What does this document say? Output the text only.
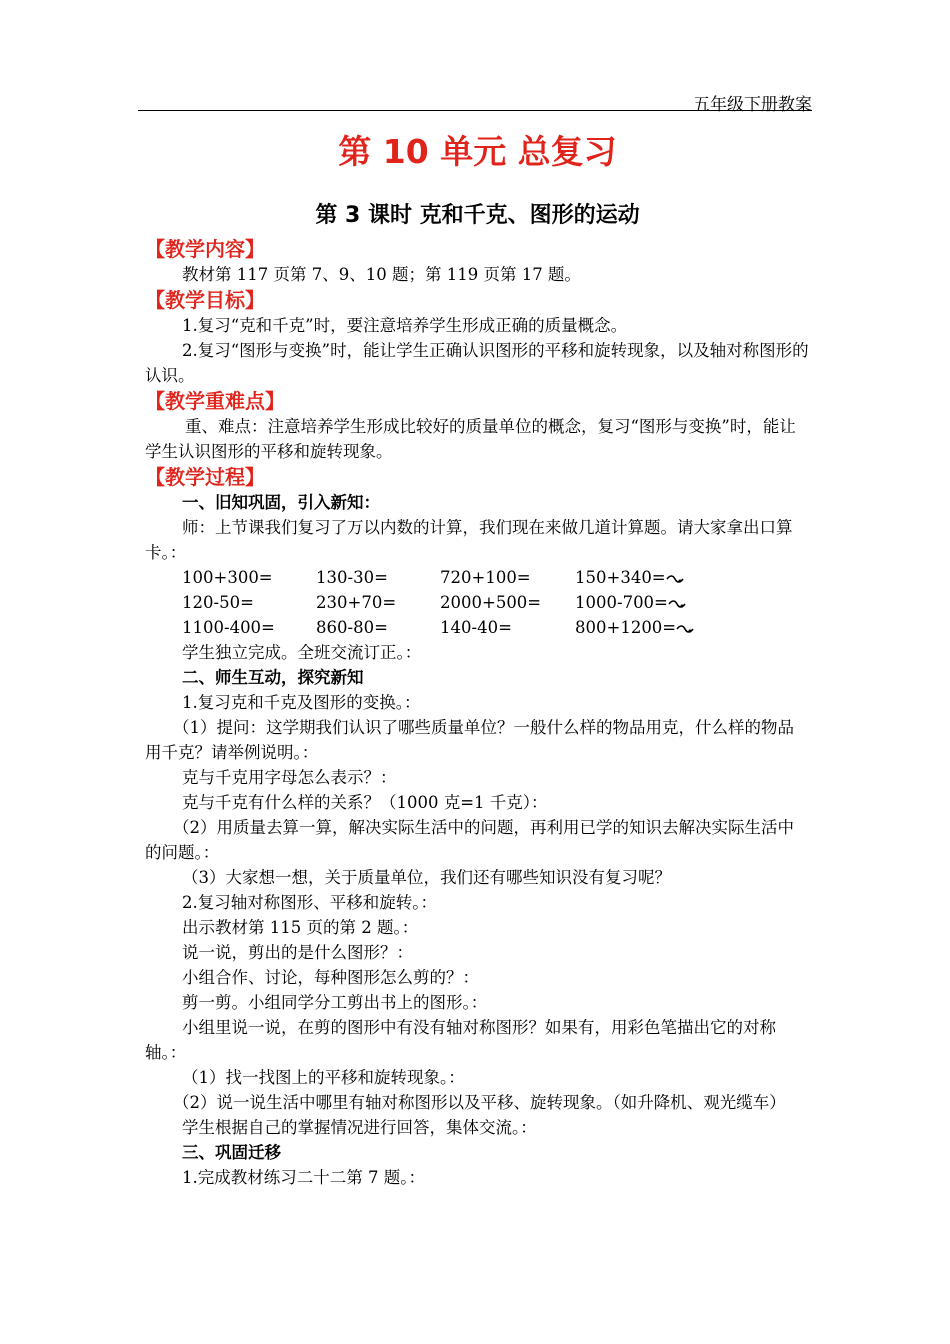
五年级下册教案
第 10 单元 总复习
第 3 课时 克和千克、图形的运动
【教学内容】

教材第 117 页第 7、9、10 题；第 119 页第 17 题。

【教学目标】

1.复习“克和千克”时，要注意培养学生形成正确的质量概念。

2.复习“图形与变换”时，能让学生正确认识图形的平移和旋转现象，以及轴对称图形的认识。

【教学重难点】

重、难点：注意培养学生形成比较好的质量单位的概念，复习“图形与变换”时，能让学生认识图形的平移和旋转现象。

【教学过程】

一、旧知巩固，引入新知：

师：上节课我们复习了万以内数的计算，我们现在来做几道计算题。请大家拿出口算卡。：

100+300=	130-30=	720+100=	150+340=
120-50=	230+70=	2000+500= 1000-700=
1100-400= 860-80=	140-40=	800+1200=

学生独立完成。全班交流订正。：

二、师生互动，探究新知

1.复习克和千克及图形的变换。：

（1）提问：这学期我们认识了哪些质量单位？一般什么样的物品用克，什么样的物品用千克？请举例说明。：

克与千克用字母怎么表示？：

克与千克有什么样的关系？（1000 克=1 千克）：

（2）用质量去算一算，解决实际生活中的问题，再利用已学的知识去解决实际生活中的问题。：

（3）大家想一想，关于质量单位，我们还有哪些知识没有复习呢？

2.复习轴对称图形、平移和旋转。：

出示教材第 115 页的第 2 题。：

说一说，剪出的是什么图形？：

小组合作、讨论，每种图形怎么剪的？：

剪一剪。小组同学分工剪出书上的图形。：

小组里说一说，在剪的图形中有没有轴对称图形？如果有，用彩色笔描出它的对称轴。：

（1）找一找图上的平移和旋转现象。：

（2）说一说生活中哪里有轴对称图形以及平移、旋转现象。（如升降机、观光缆车）

学生根据自己的掌握情况进行回答，集体交流。：

三、巩固迁移

1.完成教材练习二十二第 7 题。：
